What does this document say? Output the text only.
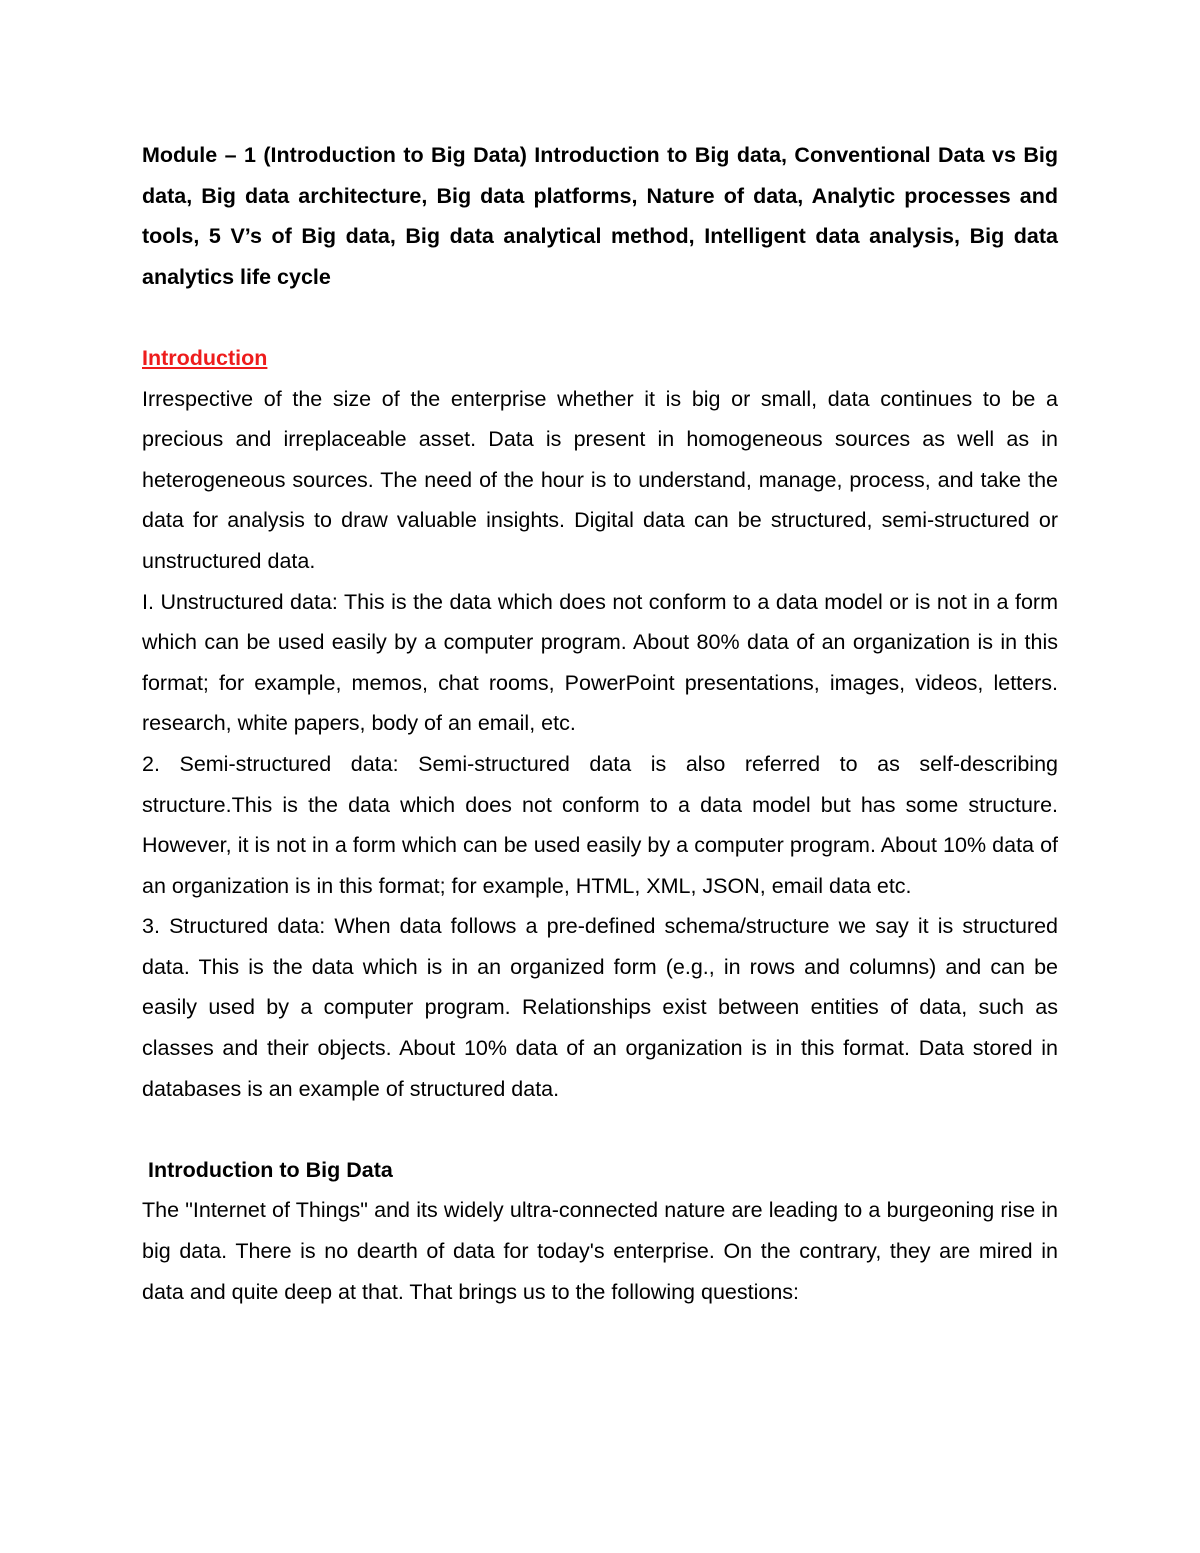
Module – 1 (Introduction to Big Data) Introduction to Big data, Conventional Data vs Big data, Big data architecture, Big data platforms, Nature of data, Analytic processes and tools, 5 V’s of Big data, Big data analytical method, Intelligent data analysis, Big data analytics life cycle

Introduction

Irrespective of the size of the enterprise whether it is big or small, data continues to be a precious and irreplaceable asset. Data is present in homogeneous sources as well as in heterogeneous sources. The need of the hour is to understand, manage, process, and take the data for analysis to draw valuable insights. Digital data can be structured, semi-structured or unstructured data.

I. Unstructured data: This is the data which does not conform to a data model or is not in a form which can be used easily by a computer program. About 80% data of an organization is in this format; for example, memos, chat rooms, PowerPoint presentations, images, videos, letters. research, white papers, body of an email, etc.

2. Semi-structured data: Semi-structured data is also referred to as self-describing structure.This is the data which does not conform to a data model but has some structure. However, it is not in a form which can be used easily by a computer program. About 10% data of an organization is in this format; for example, HTML, XML, JSON, email data etc.

3. Structured data: When data follows a pre-defined schema/structure we say it is structured data. This is the data which is in an organized form (e.g., in rows and columns) and can be easily used by a computer program. Relationships exist between entities of data, such as classes and their objects. About 10% data of an organization is in this format. Data stored in databases is an example of structured data.

Introduction to Big Data

The "Internet of Things" and its widely ultra-connected nature are leading to a burgeoning rise in big data. There is no dearth of data for today's enterprise. On the contrary, they are mired in data and quite deep at that. That brings us to the following questions:
